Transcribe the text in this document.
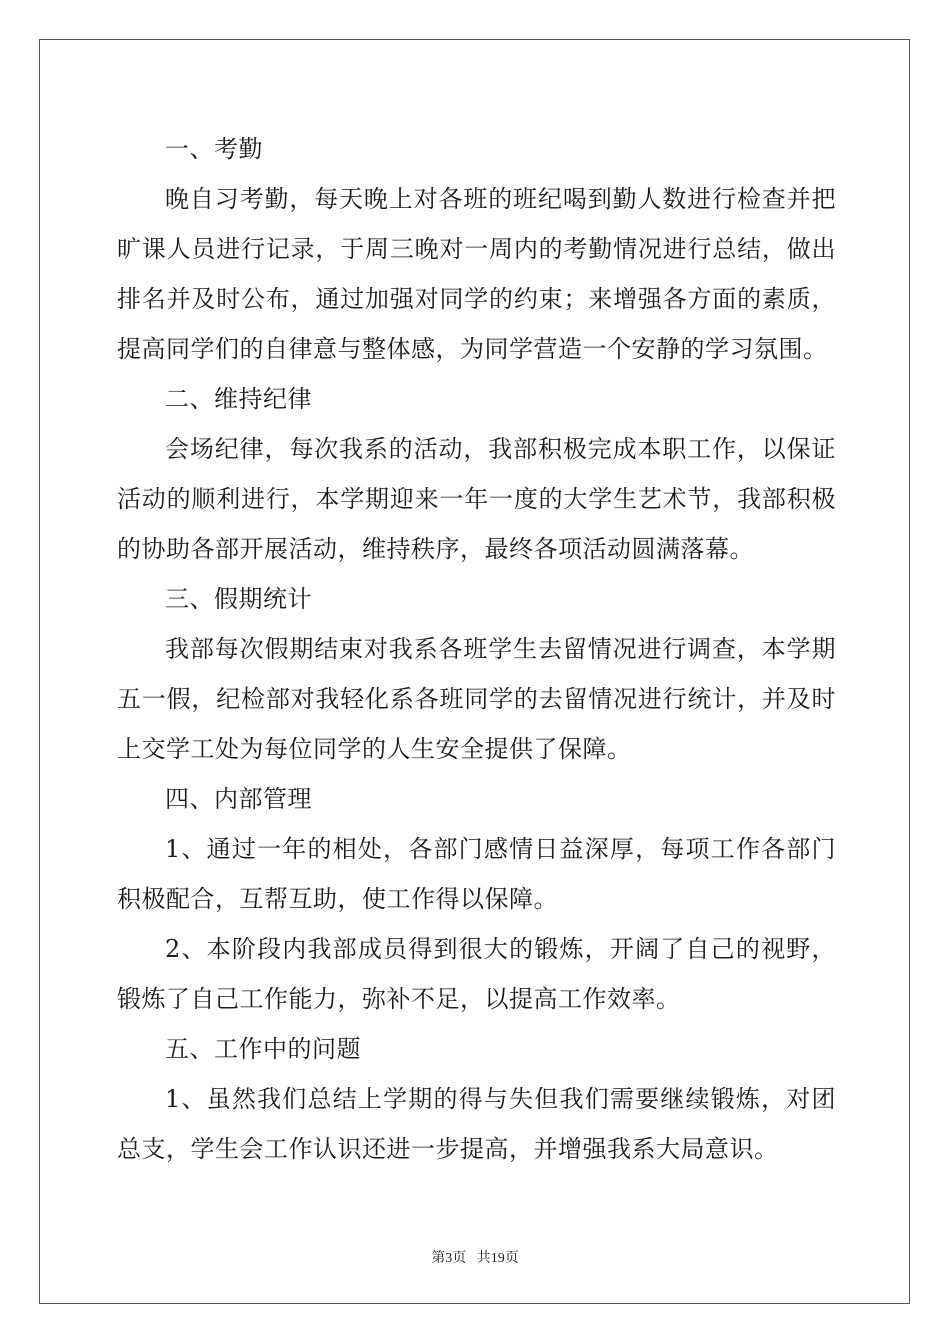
一、考勤

晚自习考勤，每天晚上对各班的班纪喝到勤人数进行检查并把旷课人员进行记录，于周三晚对一周内的考勤情况进行总结，做出排名并及时公布，通过加强对同学的约束；来增强各方面的素质，提高同学们的自律意与整体感，为同学营造一个安静的学习氛围。

二、维持纪律

会场纪律，每次我系的活动，我部积极完成本职工作，以保证活动的顺利进行，本学期迎来一年一度的大学生艺术节，我部积极的协助各部开展活动，维持秩序，最终各项活动圆满落幕。

三、假期统计

我部每次假期结束对我系各班学生去留情况进行调查，本学期五一假，纪检部对我轻化系各班同学的去留情况进行统计，并及时上交学工处为每位同学的人生安全提供了保障。

四、内部管理

1、通过一年的相处，各部门感情日益深厚，每项工作各部门积极配合，互帮互助，使工作得以保障。

2、本阶段内我部成员得到很大的锻炼，开阔了自己的视野，锻炼了自己工作能力，弥补不足，以提高工作效率。

五、工作中的问题

1、虽然我们总结上学期的得与失但我们需要继续锻炼，对团总支，学生会工作认识还进一步提高，并增强我系大局意识。

第3页 共19页
